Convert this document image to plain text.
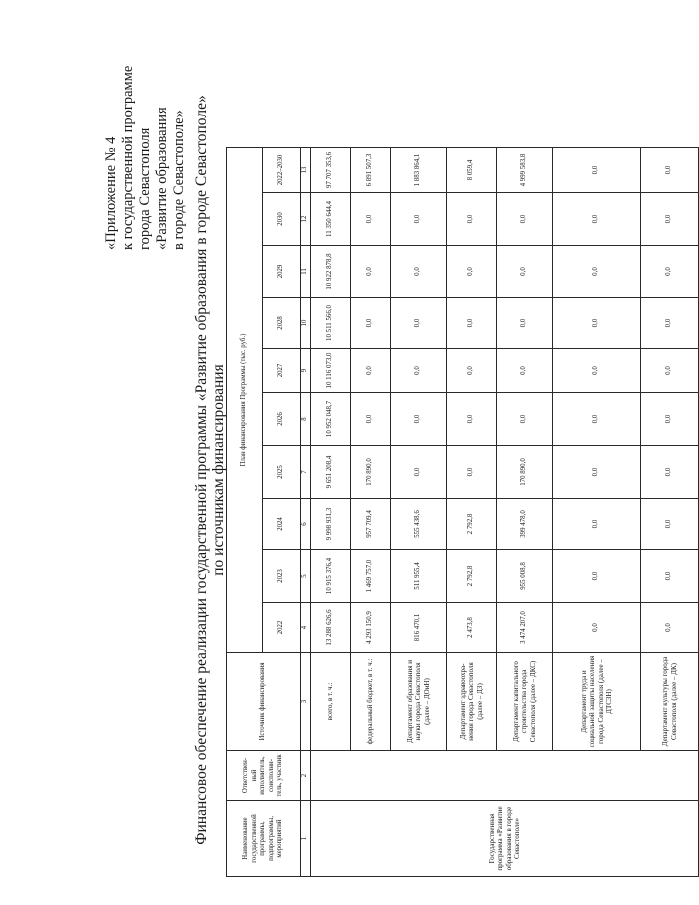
«Приложение № 4 к государственной программе города Севастополя «Развитие образования в городе Севастополе» Финансовое обеспечение реализации государственной программы «Развитие образования в городе Севастополе» по источникам финансирования
Наименование государственной программы, подпрограммы, мероприятий	Ответствен-ный исполнитель, соисполни-тель, участник	Источник финансирования	План финансирования Программы (тыс. руб.)									
			2022	2023	2024	2025	2026	2027	2028	2029	2030	2022–2030
1	2	3	4	5	6	7	8	9	10	11	12	13
Государственная программа «Развитие образования в городе Севастополе»		всего, в т. ч.:	13 288 626,6	10 915 376,4	9 998 931,3	9 651 208,4	10 952 048,7	10 116 073,0	10 511 566,0	10 922 878,8	11 350 644,4	97 707 353,6
		федеральный бюджет, в т. ч.:	4 293 150,9	1 469 757,0	957 709,4	170 890,0	0,0	0,0	0,0	0,0	0,0	6 891 507,3
		Департамент образования и науки города Севастополя (далее – ДОиН)	816 470,1	511 955,4	555 438,6	0,0	0,0	0,0	0,0	0,0	0,0	1 883 864,1
		Департамент здравоохра-нения города Севастополя (далее – ДЗ)	2 473,8	2 792,8	2 792,8	0,0	0,0	0,0	0,0	0,0	0,0	8 059,4
		Департамент капитального строительства города Севастополя (далее – ДКС)	3 474 207,0	955 008,8	399 478,0	170 890,0	0,0	0,0	0,0	0,0	0,0	4 999 583,8
		Департамент труда и социальной защиты населения города Севастополя (далее – ДТСЗН)	0,0	0,0	0,0	0,0	0,0	0,0	0,0	0,0	0,0	0,0
		Департамент культуры города Севастополя (далее – ДК)	0,0	0,0	0,0	0,0	0,0	0,0	0,0	0,0	0,0	0,0
